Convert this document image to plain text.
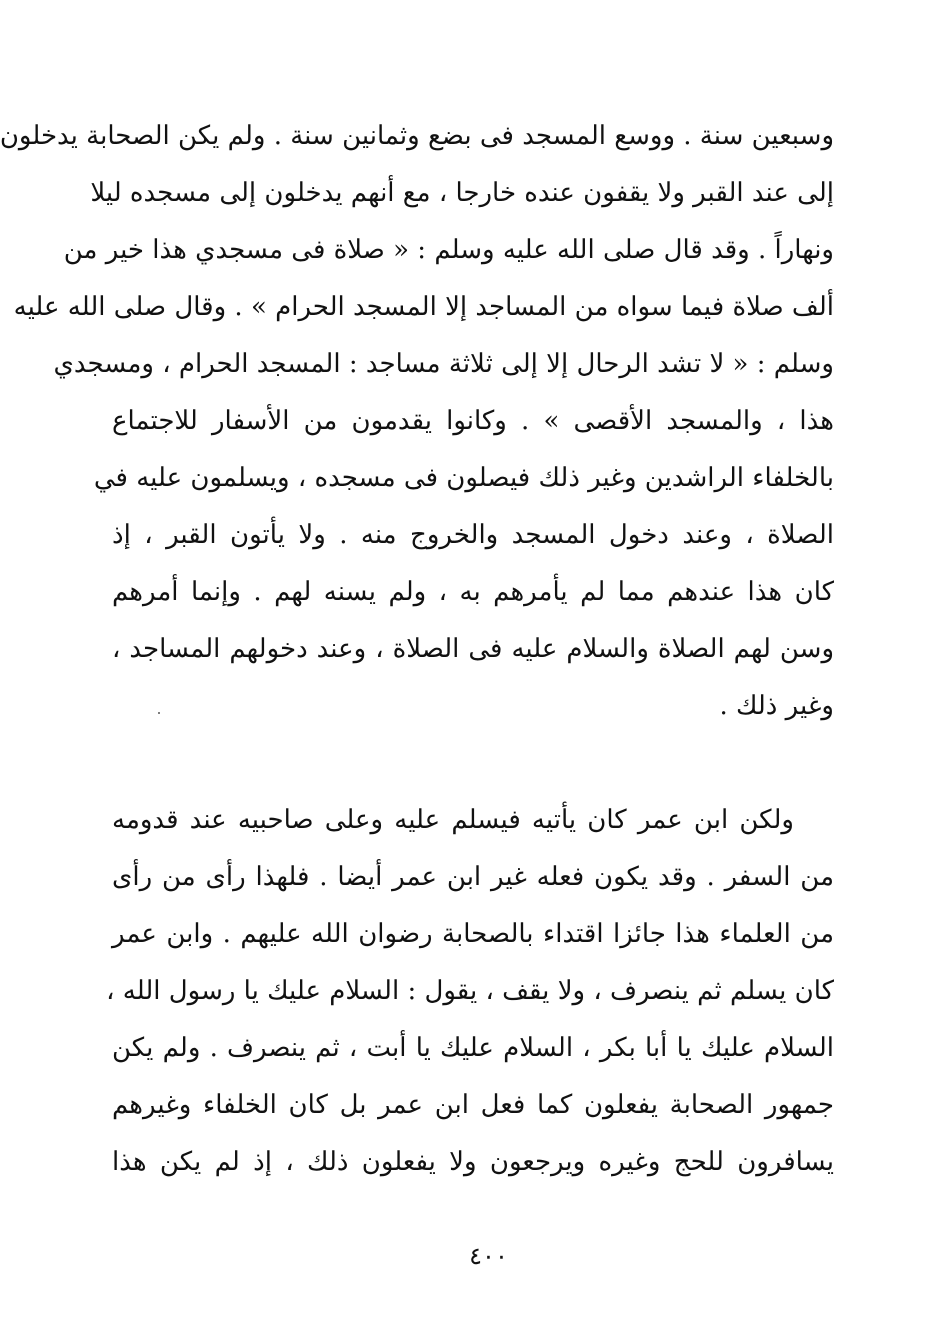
وسبعين سنة . ووسع المسجد فى بضع وثمانين سنة . ولم يكن الصحابة يدخلون
إلى عند القبر ولا يقفون عنده خارجا ، مع أنهم يدخلون إلى مسجده ليلا
ونهاراً . وقد قال صلى الله عليه وسلم : « صلاة فى مسجدي هذا خير من
ألف صلاة فيما سواه من المساجد إلا المسجد الحرام » . وقال صلى الله عليه
وسلم : « لا تشد الرحال إلا إلى ثلاثة مساجد : المسجد الحرام ، ومسجدي
هذا ، والمسجد الأقصى » . وكانوا يقدمون من الأسفار للاجتماع
بالخلفاء الراشدين وغير ذلك فيصلون فى مسجده ، ويسلمون عليه في
الصلاة ، وعند دخول المسجد والخروج منه . ولا يأتون القبر ، إذ
كان هذا عندهم مما لم يأمرهم به ، ولم يسنه لهم . وإنما أمرهم
وسن لهم الصلاة والسلام عليه فى الصلاة ، وعند دخولهم المساجد ،
وغير ذلك .
ولكن ابن عمر كان يأتيه فيسلم عليه وعلى صاحبيه عند قدومه
من السفر . وقد يكون فعله غير ابن عمر أيضا . فلهذا رأى من رأى
من العلماء هذا جائزا اقتداء بالصحابة رضوان الله عليهم . وابن عمر
كان يسلم ثم ينصرف ، ولا يقف ، يقول : السلام عليك يا رسول الله ،
السلام عليك يا أبا بكر ، السلام عليك يا أبت ، ثم ينصرف . ولم يكن
جمهور الصحابة يفعلون كما فعل ابن عمر بل كان الخلفاء وغيرهم
يسافرون للحج وغيره ويرجعون ولا يفعلون ذلك ، إذ لم يكن هذا
٤٠٠
